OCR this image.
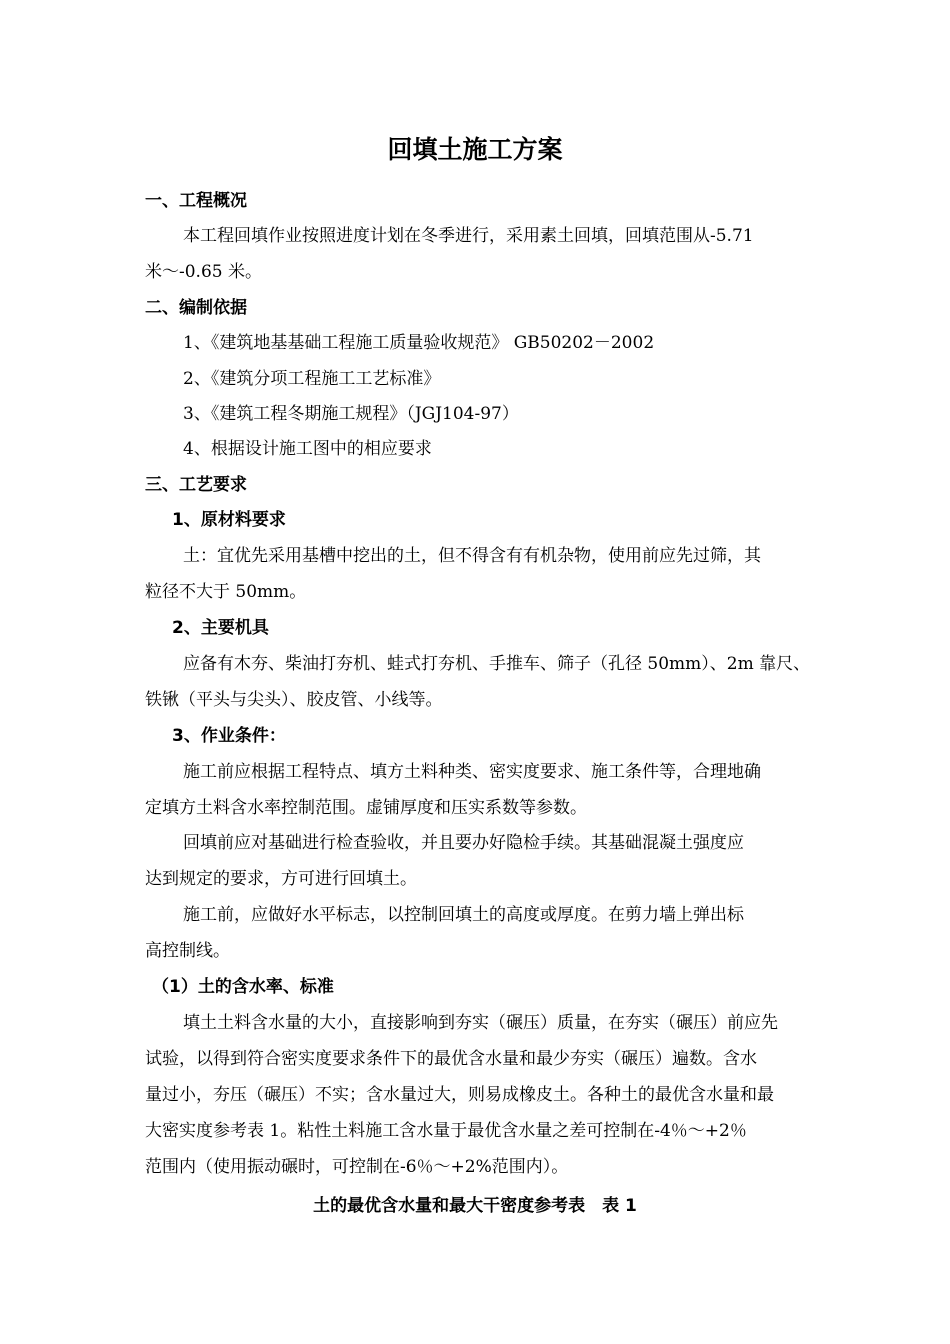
回填土施工方案
一、工程概况
本工程回填作业按照进度计划在冬季进行，采用素土回填，回填范围从-5.71
米～-0.65 米。
二、编制依据
1、《建筑地基基础工程施工质量验收规范》 GB50202－2002
2、《建筑分项工程施工工艺标准》
3、《建筑工程冬期施工规程》（JGJ104-97）
4、根据设计施工图中的相应要求
三、工艺要求
1、原材料要求
土：宜优先采用基槽中挖出的土，但不得含有有机杂物，使用前应先过筛，其
粒径不大于 50mm。
2、主要机具
应备有木夯、柴油打夯机、蛙式打夯机、手推车、筛子（孔径 50mm）、2m 靠尺、
铁锹（平头与尖头）、胶皮管、小线等。
3、作业条件：
施工前应根据工程特点、填方土料种类、密实度要求、施工条件等，合理地确
定填方土料含水率控制范围。虚铺厚度和压实系数等参数。
回填前应对基础进行检查验收，并且要办好隐检手续。其基础混凝土强度应
达到规定的要求，方可进行回填土。
施工前，应做好水平标志，以控制回填土的高度或厚度。在剪力墙上弹出标
高控制线。
（1）土的含水率、标准
填土土料含水量的大小，直接影响到夯实（碾压）质量，在夯实（碾压）前应先
试验，以得到符合密实度要求条件下的最优含水量和最少夯实（碾压）遍数。含水
量过小，夯压（碾压）不实；含水量过大，则易成橡皮土。各种土的最优含水量和最
大密实度参考表 1。粘性土料施工含水量于最优含水量之差可控制在-4％～+2％
范围内（使用振动碾时，可控制在-6％～+2%范围内）。
土的最优含水量和最大干密度参考表　表 1
